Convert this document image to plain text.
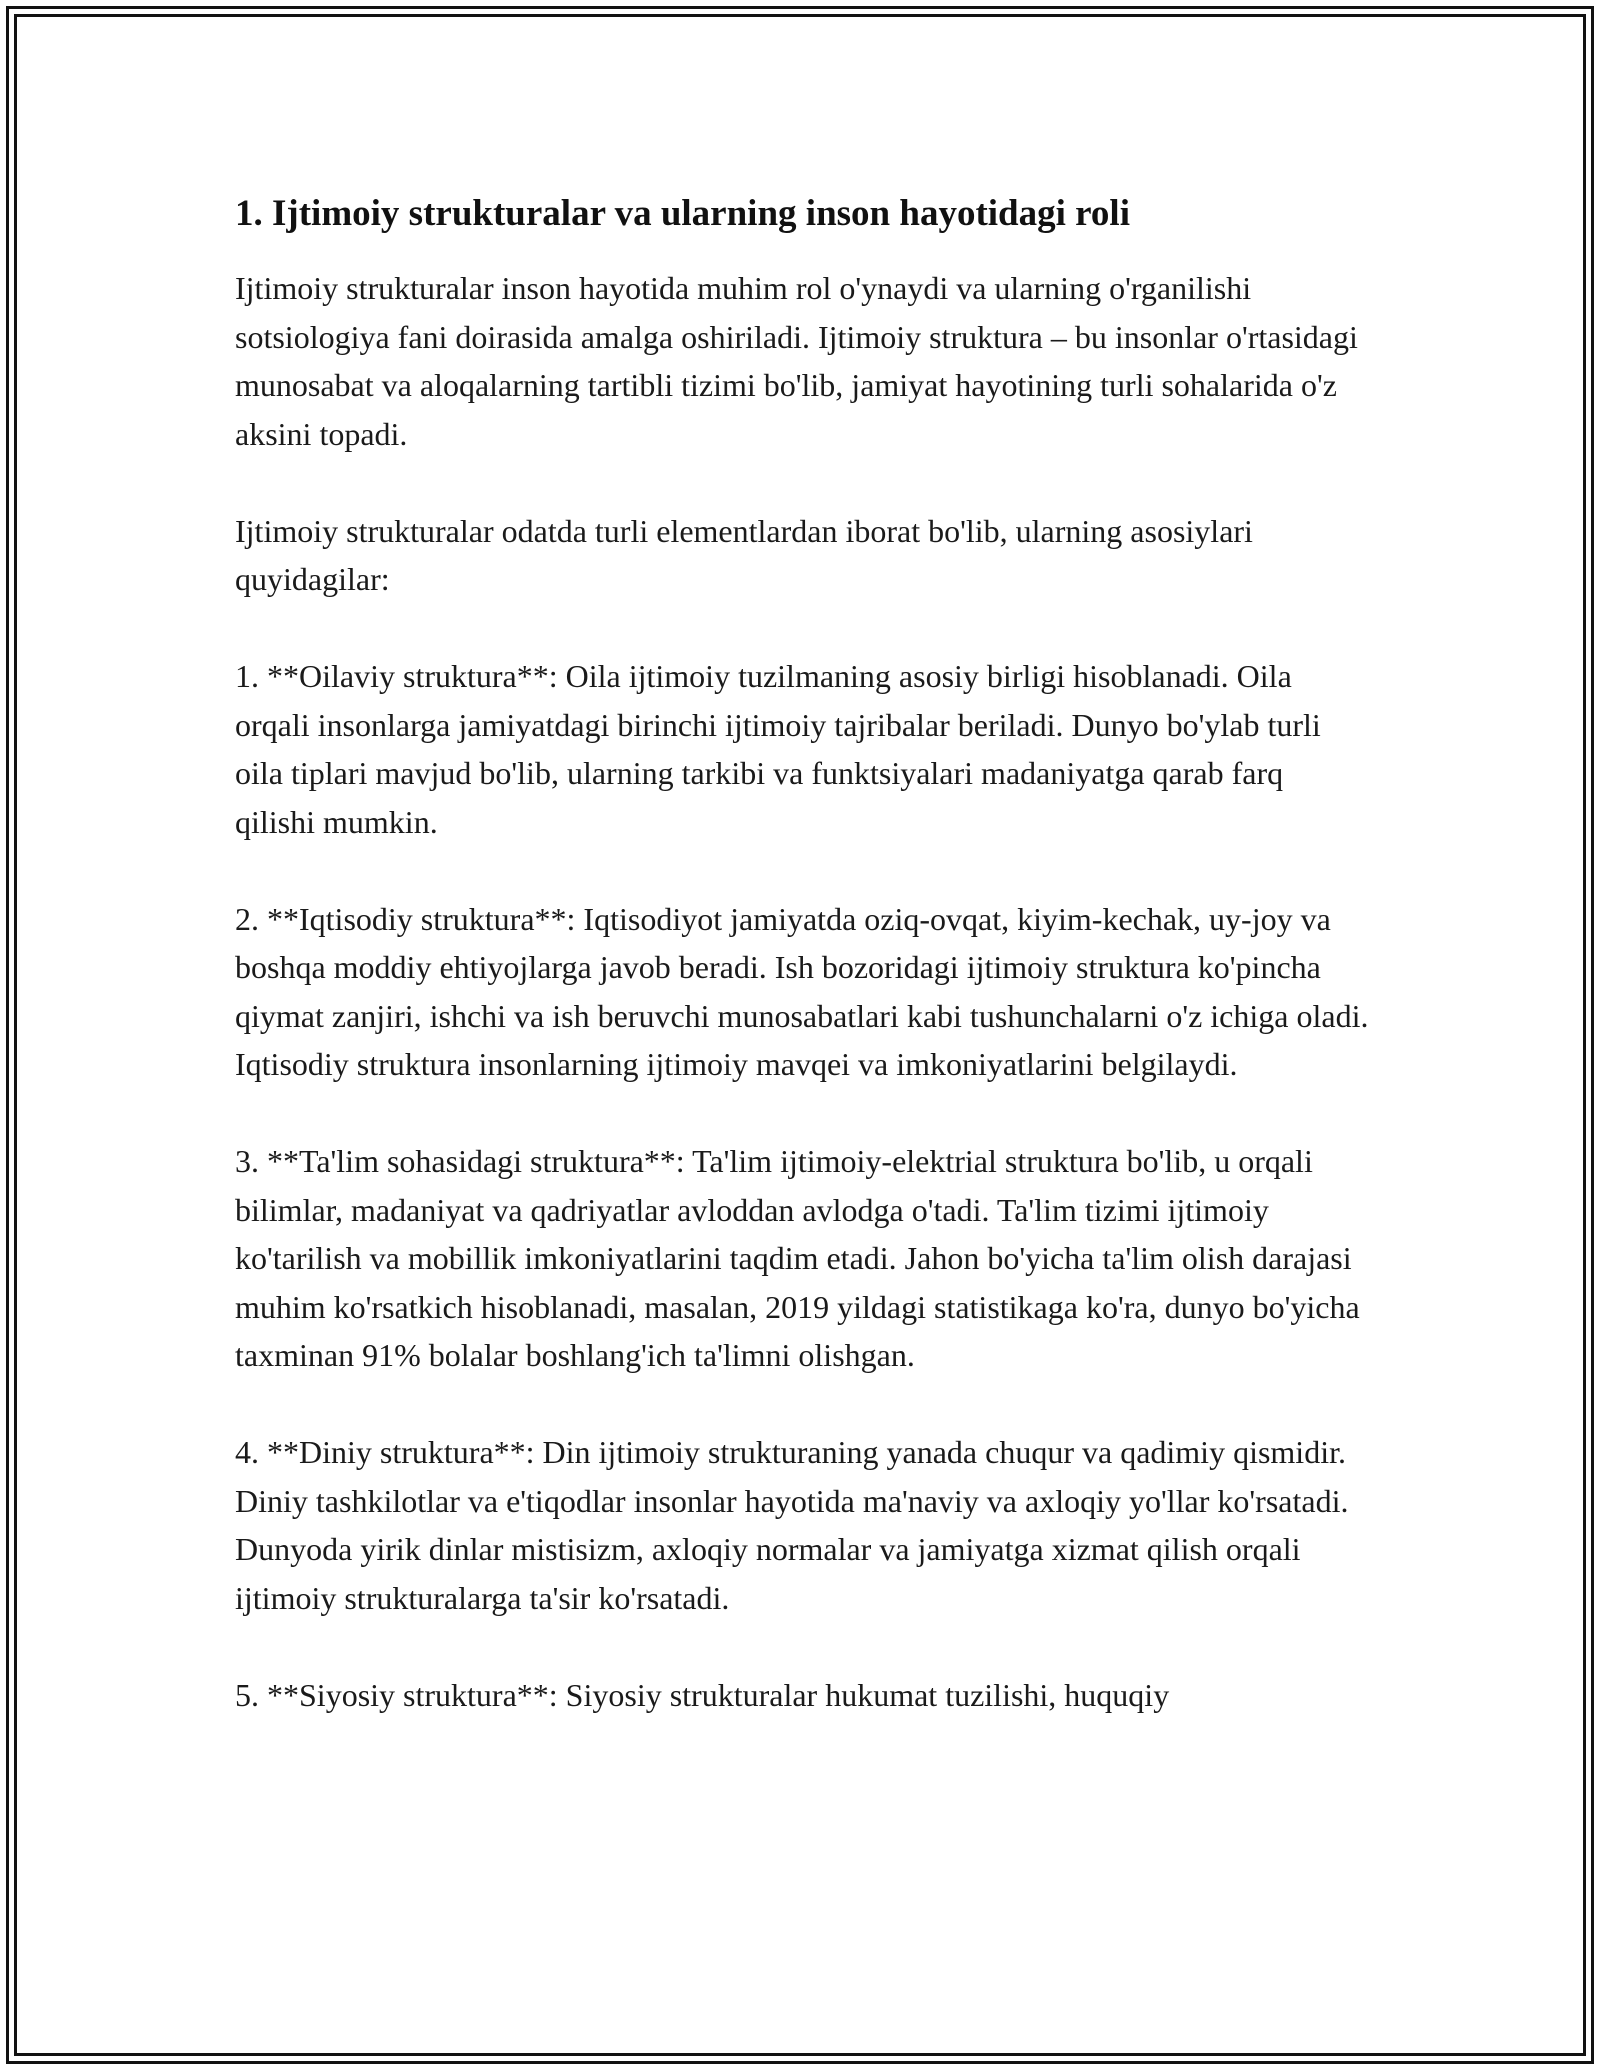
1. Ijtimoiy strukturalar va ularning inson hayotidagi roli

Ijtimoiy strukturalar inson hayotida muhim rol o'ynaydi va ularning o'rganilishi sotsiologiya fani doirasida amalga oshiriladi. Ijtimoiy struktura – bu insonlar o'rtasidagi munosabat va aloqalarning tartibli tizimi bo'lib, jamiyat hayotining turli sohalarida o'z aksini topadi.

Ijtimoiy strukturalar odatda turli elementlardan iborat bo'lib, ularning asosiylari quyidagilar:

1. **Oilaviy struktura**: Oila ijtimoiy tuzilmaning asosiy birligi hisoblanadi. Oila orqali insonlarga jamiyatdagi birinchi ijtimoiy tajribalar beriladi. Dunyo bo'ylab turli oila tiplari mavjud bo'lib, ularning tarkibi va funktsiyalari madaniyatga qarab farq qilishi mumkin.

2. **Iqtisodiy struktura**: Iqtisodiyot jamiyatda oziq-ovqat, kiyim-kechak, uy-joy va boshqa moddiy ehtiyojlarga javob beradi. Ish bozoridagi ijtimoiy struktura ko'pincha qiymat zanjiri, ishchi va ish beruvchi munosabatlari kabi tushunchalarni o'z ichiga oladi. Iqtisodiy struktura insonlarning ijtimoiy mavqei va imkoniyatlarini belgilaydi.

3. **Ta'lim sohasidagi struktura**: Ta'lim ijtimoiy-elektrial struktura bo'lib, u orqali bilimlar, madaniyat va qadriyatlar avloddan avlodga o'tadi. Ta'lim tizimi ijtimoiy ko'tarilish va mobillik imkoniyatlarini taqdim etadi. Jahon bo'yicha ta'lim olish darajasi muhim ko'rsatkich hisoblanadi, masalan, 2019 yildagi statistikaga ko'ra, dunyo bo'yicha taxminan 91% bolalar boshlang'ich ta'limni olishgan.

4. **Diniy struktura**: Din ijtimoiy strukturaning yanada chuqur va qadimiy qismidir. Diniy tashkilotlar va e'tiqodlar insonlar hayotida ma'naviy va axloqiy yo'llar ko'rsatadi. Dunyoda yirik dinlar mistisizm, axloqiy normalar va jamiyatga xizmat qilish orqali ijtimoiy strukturalarga ta'sir ko'rsatadi.

5. **Siyosiy struktura**: Siyosiy strukturalar hukumat tuzilishi, huquqiy
